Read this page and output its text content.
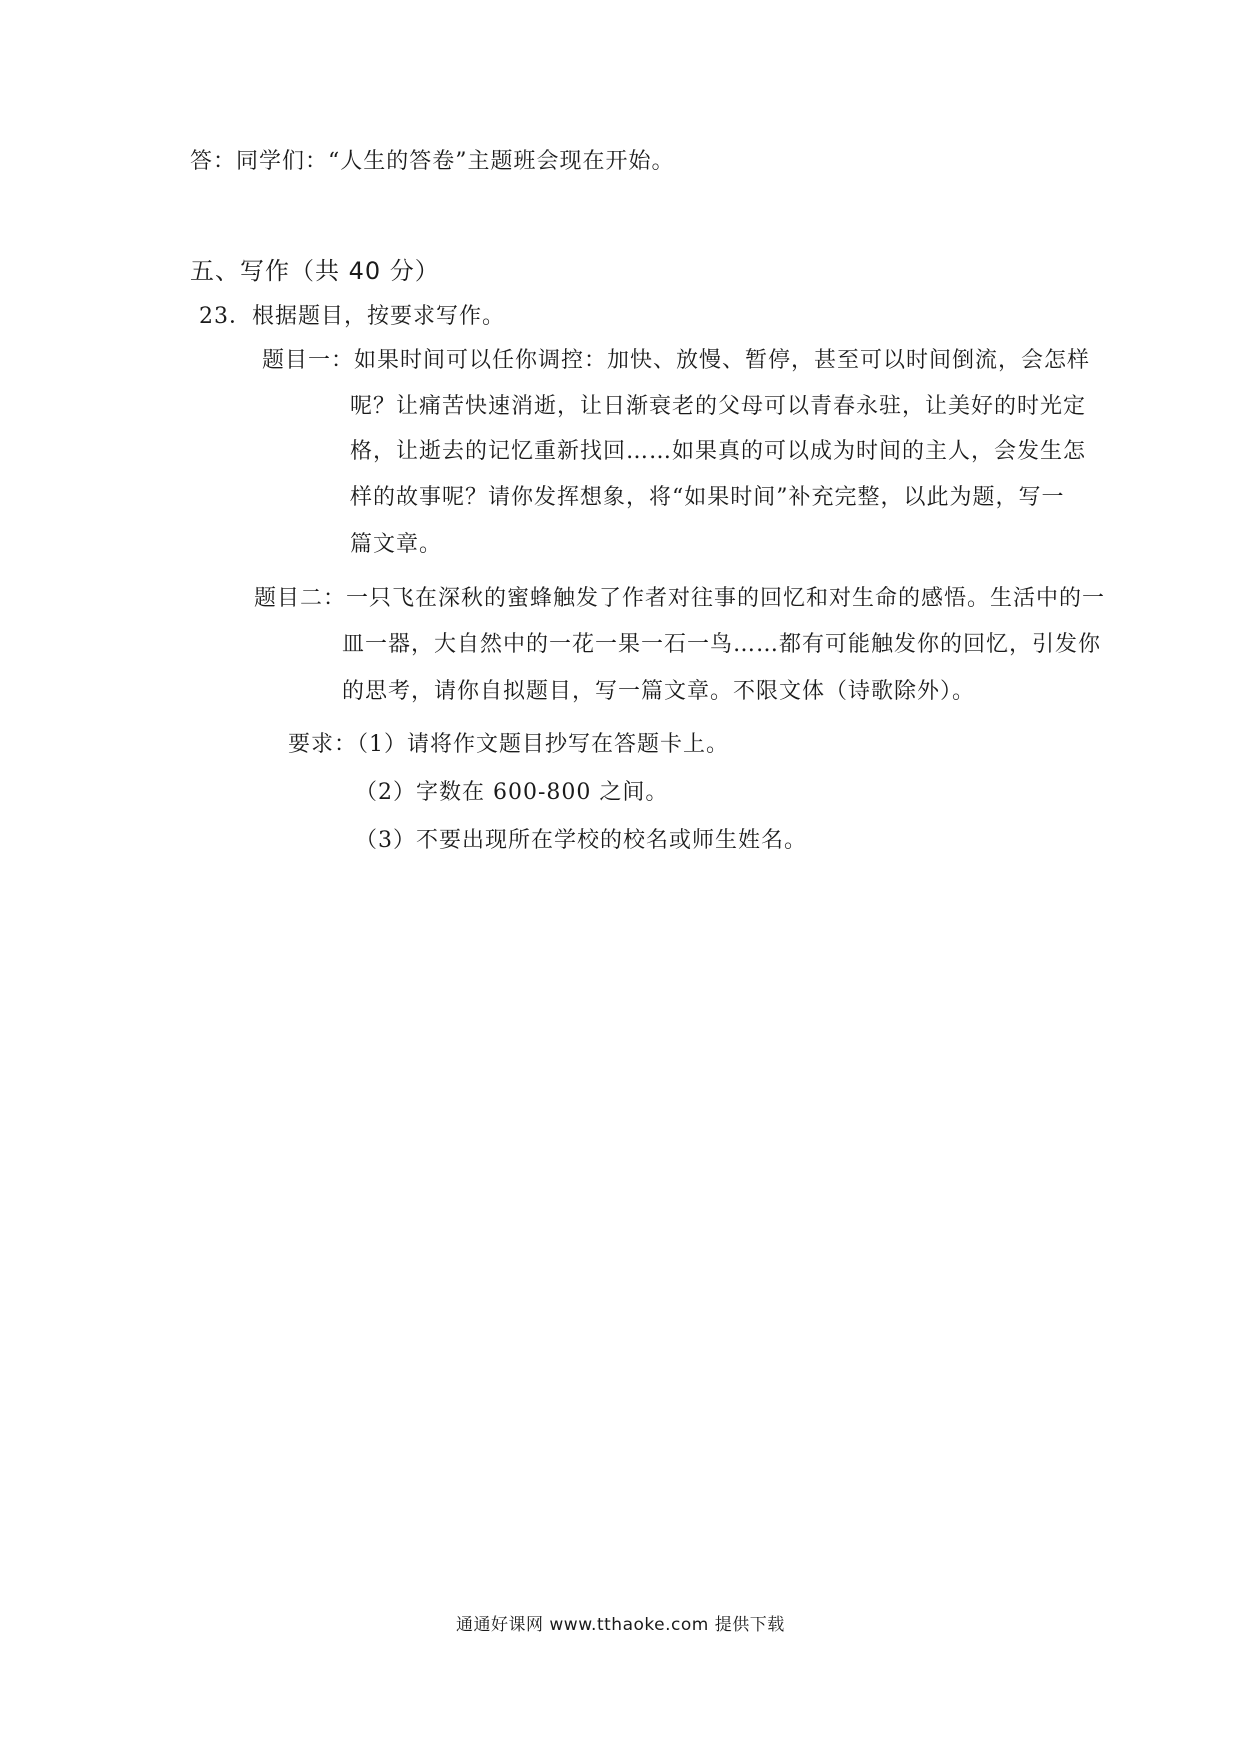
答：同学们：“人生的答卷”主题班会现在开始。
五、写作（共 40 分）
23．根据题目，按要求写作。
题目一：如果时间可以任你调控：加快、放慢、暂停，甚至可以时间倒流，会怎样
呢？让痛苦快速消逝，让日渐衰老的父母可以青春永驻，让美好的时光定
格，让逝去的记忆重新找回……如果真的可以成为时间的主人，会发生怎
样的故事呢？请你发挥想象，将“如果时间”补充完整，以此为题，写一
篇文章。
题目二：一只飞在深秋的蜜蜂触发了作者对往事的回忆和对生命的感悟。生活中的一
皿一器，大自然中的一花一果一石一鸟……都有可能触发你的回忆，引发你
的思考，请你自拟题目，写一篇文章。不限文体（诗歌除外）。
要求：（1）请将作文题目抄写在答题卡上。
（2）字数在 600-800 之间。
（3）不要出现所在学校的校名或师生姓名。
通通好课网 www.tthaoke.com 提供下载
